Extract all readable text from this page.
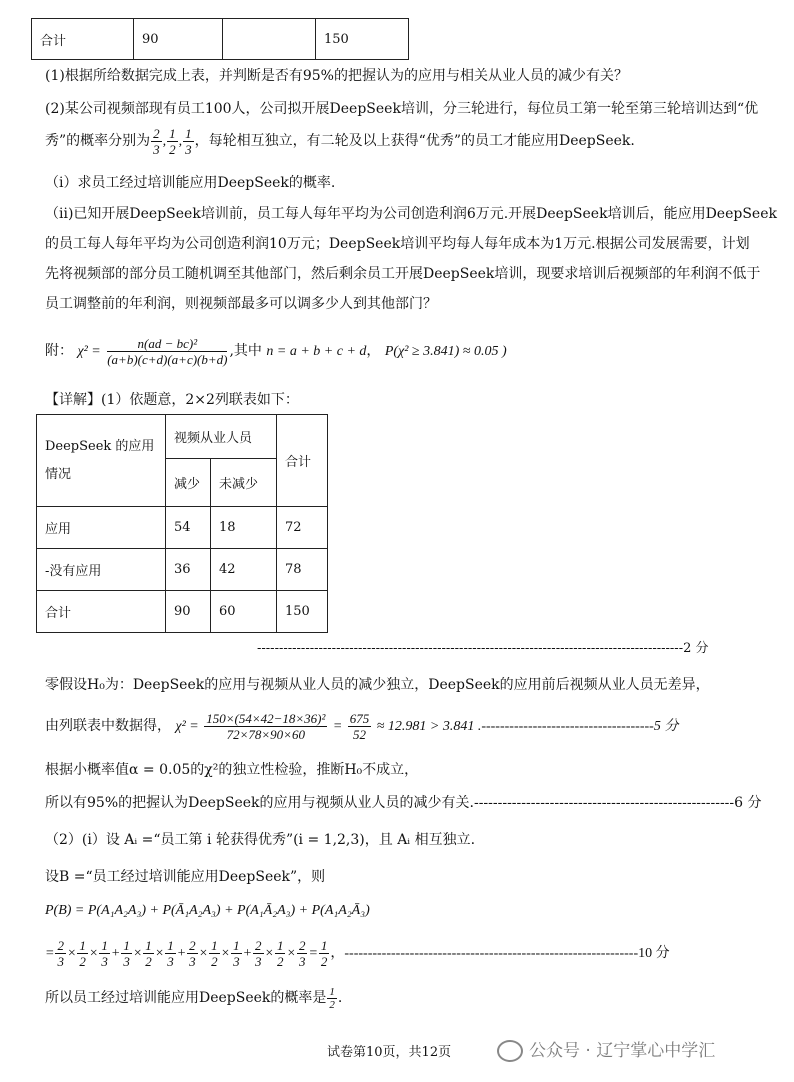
合计	90		150
(1)根据所给数据完成上表，并判断是否有95%的把握认为的应用与相关从业人员的减少有关？
(2)某公司视频部现有员工100人，公司拟开展DeepSeek培训，分三轮进行，每位员工第一轮至第三轮培训达到“优
秀”的概率分别为 $\frac{2}{3}$ , $\frac{1}{2}$ , $\frac{1}{3}$ ，每轮相互独立，有二轮及以上获得“优秀”的员工才能应用DeepSeek.
（ⅰ）求员工经过培训能应用DeepSeek的概率.
（ⅱ)已知开展DeepSeek培训前，员工每人每年平均为公司创造利润6万元.开展DeepSeek培训后，能应用DeepSeek
的员工每人每年平均为公司创造利润10万元；DeepSeek培训平均每人每年成本为1万元.根据公司发展需要，计划
先将视频部的部分员工随机调至其他部门，然后剩余员工开展DeepSeek培训，现要求培训后视频部的年利润不低于
员工调整前的年利润，则视频部最多可以调多少人到其他部门？
附： $\chi^2 = \frac{\text{n(ad − bc)²}}{(a+b)(c+d)(a+c)(b+d)}$ ,其中 n = a + b + c + d， P(χ² ≥ 3.841) ≈ 0.05 )
【详解】(1）依题意，2×2列联表如下：
DeepSeek 的应用
情况	视频从业人员		合计
	减少	未减少	
应用	54	18	72
-没有应用	36	42	78
合计	90	60	150
-------------------------------------------------------------------------------------------------2 分
零假设H₀为：DeepSeek的应用与视频从业人员的减少独立，DeepSeek的应用前后视频从业人员无差异，
由列联表中数据得， $\chi^2 = \frac{\text{150×(54×42−18×36)²}}{72\times 78\times 90\times 60} = \frac{675}{52} \approx 12.981 > 3.841$ .-------------------------------------5 分
根据小概率值α = 0.05的χ²的独立性检验，推断H₀不成立，
所以有95%的把握认为DeepSeek的应用与视频从业人员的减少有关.-------------------------------------------------------6 分
（2）(i）设 Aᵢ =“员工第 i 轮获得优秀”(i = 1,2,3)，且 Aᵢ 相互独立.
设B =“员工经过培训能应用DeepSeek”，则
P(B) = P(A₁A₂A₃) + P(Ā₁A₂A₃) + P(A₁Ā₂A₃) + P(A₁A₂Ā₃)
= $\frac{2}{3} \times \frac{1}{2} \times \frac{1}{3} + \frac{1}{3} \times \frac{1}{2} \times \frac{1}{3} + \frac{2}{3} \times \frac{1}{2} \times \frac{1}{3} + \frac{2}{3} \times \frac{1}{2} \times \frac{2}{3} = \frac{1}{2}$ ，---------------------------------------------------------------10 分
所以员工经过培训能应用DeepSeek的概率是 $\frac{1}{2}$ .
试卷第10页，共12页	公众号 · 辽宁掌心中学汇
